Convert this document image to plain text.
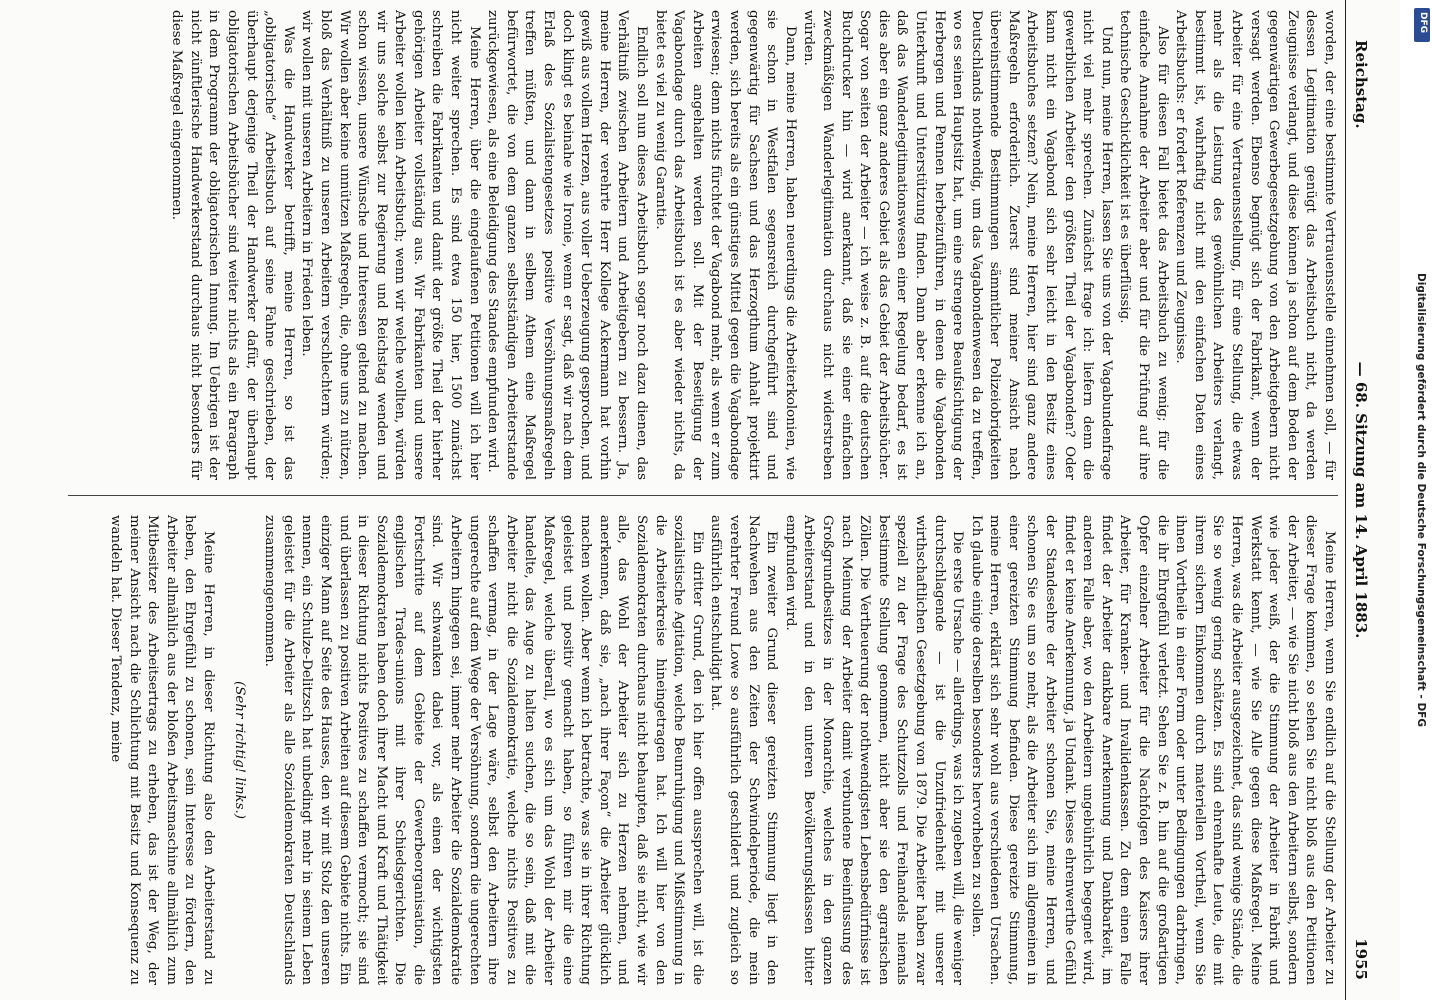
Reichstag.
— 68. Sitzung am 14. April 1883.
1955

worden, der eine bestimmte Vertrauensstelle einnehmen soll, — für dessen Legitimation genügt das Arbeitsbuch nicht, da werden Zeugnisse verlangt, und diese können ja schon auf dem Boden der gegenwärtigen Gewerbegesetzgebung von den Arbeitgebern nicht versagt werden. Ebenso begnügt sich der Fabrikant, wenn der Arbeiter für eine Vertrauensstellung, für eine Stellung, die etwas mehr als die Leistung des gewöhnlichen Arbeiters verlangt, bestimmt ist, wahrhaftig nicht mit den einfachen Daten eines Arbeitsbuchs: er fordert Referenzen und Zeugnisse.

Also für diesen Fall bietet das Arbeitsbuch zu wenig; für die einfache Annahme der Arbeiter aber und für die Prüfung auf ihre technische Geschicklichkeit ist es überflüssig.

Und nun, meine Herren, lassen Sie uns von der Vagabundenfrage nicht viel mehr sprechen. Zunächst frage ich: liefern denn die gewerblichen Arbeiter den größten Theil der Vagabonden? Oder kann nicht ein Vagabond sich sehr leicht in den Besitz eines Arbeitsbuches setzen? Nein, meine Herren, hier sind ganz andere Maßregeln erforderlich. Zuerst sind meiner Ansicht nach übereinstimmende Bestimmungen sämmtlicher Polizeiobrigkeiten Deutschlands nothwendig, um das Vagabondenwesen da zu treffen, wo es seinen Hauptsitz hat, um eine strengere Beaufsichtigung der Herbergen und Pennen herbeizuführen, in denen die Vagabonden Unterkunft und Unterstützung finden. Dann aber erkenne ich an, daß das Wanderlegitimationswesen einer Regelung bedarf, es ist dies aber ein ganz anderes Gebiet als das Gebiet der Arbeitsbücher. Sogar von seiten der Arbeiter — ich weise z. B. auf die deutschen Buchdrucker hin — wird anerkannt, daß sie einer einfachen zweckmäßigen Wanderlegitimation durchaus nicht widerstreben würden.

Dann, meine Herren, haben neuerdings die Arbeiterkolonien, wie sie schon in Westfalen segensreich durchgeführt sind und gegenwärtig für Sachsen und das Herzogthum Anhalt projektirt werden, sich bereits als ein günstiges Mittel gegen die Vagabondage erwiesen; denn nichts fürchtet der Vagabond mehr, als wenn er zum Arbeiten angehalten werden soll. Mit der Beseitigung der Vagabondage durch das Arbeitsbuch ist es aber wieder nichts, da bietet es viel zu wenig Garantie.

Endlich soll nun dieses Arbeitsbuch sogar noch dazu dienen, das Verhältniß zwischen Arbeitern und Arbeitgebern zu bessern. Ja, meine Herren, der verehrte Herr Kollege Ackermann hat vorhin gewiß aus vollem Herzen, aus voller Ueberzeugung gesprochen, und doch klingt es beinahe wie Ironie, wenn er sagt, daß wir nach dem Erlaß des Sozialistengesetzes positive Versöhnungsmaßregeln treffen müßten, und dann in selbem Athem eine Maßregel befürwortet, die von dem ganzen selbstständigen Arbeiterstande zurückgewiesen, als eine Beleidigung des Standes empfunden wird.

Meine Herren, über die eingelaufenen Petitionen will ich hier nicht weiter sprechen. Es sind etwa 150 hier, 1500 zunächst schreiben die Fabrikanten und damit der größte Theil der hierher gehörigen Arbeiter vollständig aus. Wir Fabrikanten und unsere Arbeiter wollen kein Arbeitsbuch; wenn wir welche wollten, würden wir uns solche selbst zur Regierung und Reichstag wenden und schon wissen, unsere Wünsche und Interessen geltend zu machen. Wir wollen aber keine unnützen Maßregeln, die, ohne uns zu nützen, bloß das Verhältniß zu unseren Arbeitern verschlechtern würden; wir wollen mit unseren Arbeitern in Frieden leben.

Was die Handwerker betrifft, meine Herren, so ist das „obligatorische“ Arbeitsbuch auf seine Fahne geschrieben, der überhaupt derjenige Theil der Handwerker dafür, der überhaupt obligatorischen Arbeitsbücher sind weiter nichts als ein Paragraph in dem Programm der obligatorischen Innung. Im Uebrigen ist der nicht zünftlerische Handwerkerstand durchaus nicht besonders für diese Maßregel eingenommen.

Meine Herren, wenn Sie endlich auf die Stellung der Arbeiter zu dieser Frage kommen, so sehen Sie nicht bloß aus den Petitionen der Arbeiter, — wie Sie nicht bloß aus den Arbeitern selbst, sondern wie jeder weiß, der die Stimmung der Arbeiter in Fabrik und Werkstatt kennt, — wie Sie Alle gegen diese Maßregel. Meine Herren, was die Arbeiter ausgezeichnet, das sind wenige Stände, die Sie so wenig gering schätzen. Es sind ehrenhafte Leute, die mit ihrem sichern Einkommen durch materiellen Vortheil, wenn Sie ihnen Vortheile in einer Form oder unter Bedingungen darbringen, die ihr Ehrgefühl verletzt. Sehen Sie z. B. hin auf die großartigen Opfer einzelner Arbeiter für die Nachfolgen des Kaisers ihrer Arbeiter, für Kranken- und Invalidenkassen. Zu dem einen Falle findet der Arbeiter dankbare Anerkennung und Dankbarkeit, im anderen Falle aber, wo den Arbeitern ungebührlich begegnet wird, findet er keine Anerkennung, ja Undank. Dieses ehrenwerthe Gefühl der Standesehre der Arbeiter schonen Sie, meine Herren, und schonen Sie es um so mehr, als die Arbeiter sich im allgemeinen in einer gereizten Stimmung befinden. Diese gereizte Stimmung, meine Herren, erklärt sich sehr wohl aus verschiedenen Ursachen. Ich glaube einige derselben besonders hervorheben zu sollen.

Die erste Ursache — allerdings, was ich zugeben will, die weniger durchschlagende — ist die Unzufriedenheit mit unserer wirthschaftlichen Gesetzgebung von 1879. Die Arbeiter haben zwar speziell zu der Frage des Schutzzolls und Freihandels niemals bestimmte Stellung genommen, nicht aber sie den agrarischen Zöllen. Die Vertheuerung der nothwendigsten Lebensbedürfnisse ist nach Meinung der Arbeiter damit verbundene Beeinflussung des Großgrundbesitzes in der Monarchie, welches in den ganzen Arbeiterstand und in den unteren Bevölkerungsklassen bitter empfunden wird.

Ein zweiter Grund dieser gereizten Stimmung liegt in den Nachwehen aus den Zeiten der Schwindelperiode, die mein verehrter Freund Lowe so ausführlich geschildert und zugleich so ausführlich entschuldigt hat.

Ein dritter Grund, den ich hier offen aussprechen will, ist die sozialistische Agitation, welche Beunruhigung und Mißstimmung in die Arbeiterkreise hineingetragen hat. Ich will hier von den Sozialdemokraten durchaus nicht behaupten, daß sie nicht, wie wir alle, das Wohl der Arbeiter sich zu Herzen nehmen, und anerkennen, daß sie, „nach ihrer Façon“ die Arbeiter glücklich machen wollen. Aber wenn ich betrachte, was sie in ihrer Richtung geleistet und positiv gemacht haben, so führen mir die eine Maßregel, welche überall, wo es sich um das Wohl der Arbeiter handelte, das Auge zu halten suchen, die so sein, daß mit die Arbeiter nicht die Sozialdemokratie, welche nichts Positives zu schaffen vermag, in der Lage wäre, selbst den Arbeitern ihre ungerechte auf dem Wege der Versöhnung, sondern die ungerechten Arbeitern hingegen sei, immer mehr Arbeiter die Sozialdemokratie sind. Wir schwanken dabei vor, als einen der wichtigsten Fortschritte auf dem Gebiete der Gewerbeorganisation, die englischen Trades-unions mit ihrer Schiedsgerichten. Die Sozialdemokraten haben doch ihrer Macht und Kraft und Thätigkeit in dieser Richtung nichts Positives zu schaffen vermocht; sie sind und überlassen zu positiven Arbeiten auf diesem Gebiete nichts. Ein einziger Mann auf Seite des Hauses, den wir mit Stolz den unseren nennen, ein Schulze-Delitzsch hat unbedingt mehr in seinem Leben geleistet für die Arbeiter als alle Sozialdemokraten Deutschlands zusammengenommen.

(Sehr richtig! links.)

Meine Herren, in dieser Richtung also den Arbeiterstand zu heben, den Ehrgefühl zu schonen, sein Interesse zu fördern, den Arbeiter allmählich aus der bloßen Arbeitsmaschine allmählich zum Mitbesitzer des Arbeitsertrags zu erheben, das ist der Weg, der meiner Ansicht nach die Schlichtung mit Besitz und Konsequenz zu wandeln hat. Dieser Tendenz, meine	Digitalisierung gefördert durch die Deutsche Forschungsgemeinschaft - DFG
DFG
